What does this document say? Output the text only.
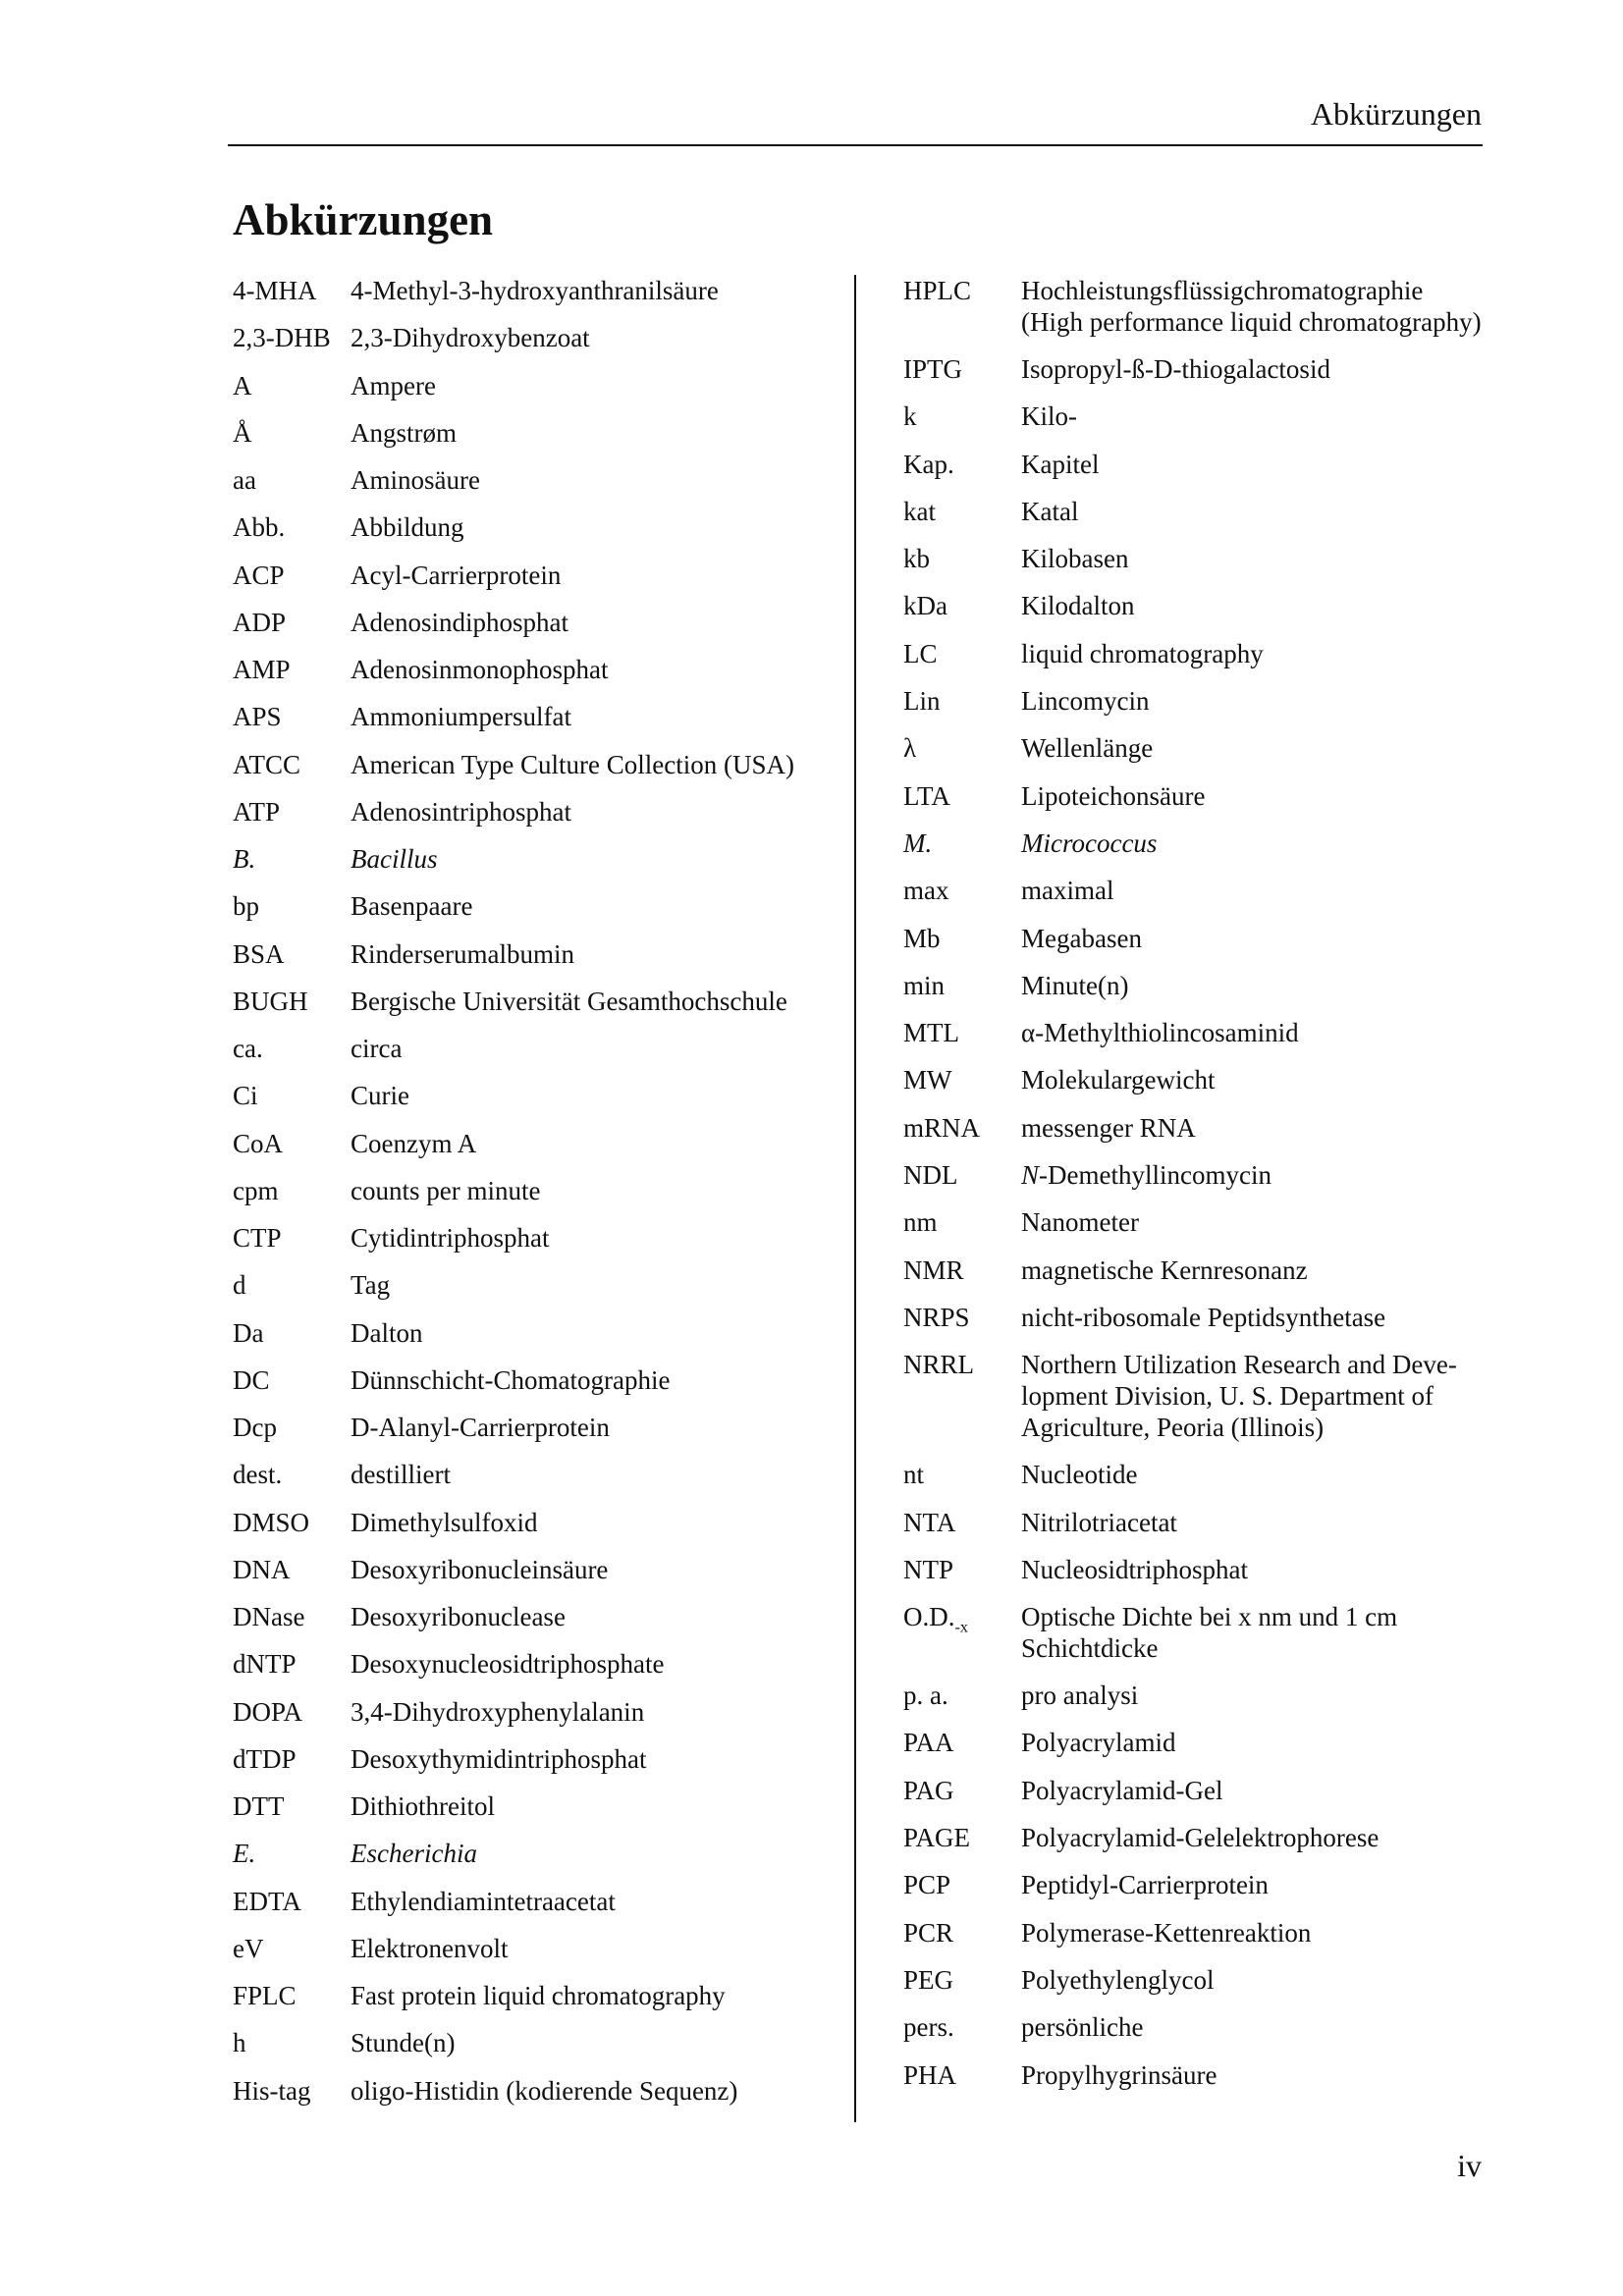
Abkürzungen
Abkürzungen
4-MHA	4-Methyl-3-hydroxyanthranilsäure
2,3-DHB 2,3-Dihydroxybenzoat
A	Ampere
Å	Angstrøm
aa	Aminosäure
Abb.	Abbildung
ACP	Acyl-Carrierprotein
ADP	Adenosindiphosphat
AMP	Adenosinmonophosphat
APS	Ammoniumpersulfat
ATCC	American Type Culture Collection (USA)
ATP	Adenosintriphosphat
B.	Bacillus
bp	Basenpaare
BSA	Rinderserumalbumin
BUGH	Bergische Universität Gesamthochschule
ca.	circa
Ci	Curie
CoA	Coenzym A
cpm	counts per minute
CTP	Cytidintriphosphat
d	Tag
Da	Dalton
DC	Dünnschicht-Chomatographie
Dcp	D-Alanyl-Carrierprotein
dest.	destilliert
DMSO	Dimethylsulfoxid
DNA	Desoxyribonucleinsäure
DNase	Desoxyribonuclease
dNTP	Desoxynucleosidtriphosphate
DOPA	3,4-Dihydroxyphenylalanin
dTDP	Desoxythymidintriphosphat
DTT	Dithiothreitol
E.	Escherichia
EDTA	Ethylendiamintetraacetat
eV	Elektronenvolt
FPLC	Fast protein liquid chromatography
h	Stunde(n)
His-tag	oligo-Histidin (kodierende Sequenz)
HPLC	Hochleistungsflüssigchromatographie
(High performance liquid chromatography)
IPTG	Isopropyl-ß-D-thiogalactosid
k	Kilo-
Kap.	Kapitel
kat	Katal
kb	Kilobasen
kDa	Kilodalton
LC	liquid chromatography
Lin	Lincomycin
λ	Wellenlänge
LTA	Lipoteichonsäure
M.	Micrococcus
max	maximal
Mb	Megabasen
min	Minute(n)
MTL	α-Methylthiolincosaminid
MW	Molekulargewicht
mRNA	messenger RNA
NDL	N-Demethyllincomycin
nm	Nanometer
NMR	magnetische Kernresonanz
NRPS	nicht-ribosomale Peptidsynthetase
NRRL	Northern Utilization Research and Deve-
lopment Division, U. S. Department of
Agriculture, Peoria (Illinois)
nt	Nucleotide
NTA	Nitrilotriacetat
NTP	Nucleosidtriphosphat
$O.D._{-x}$	Optische Dichte bei x nm und 1 cm
Schichtdicke
p. a.	pro analysi
PAA	Polyacrylamid
PAG	Polyacrylamid-Gel
PAGE	Polyacrylamid-Gelelektrophorese
PCP	Peptidyl-Carrierprotein
PCR	Polymerase-Kettenreaktion
PEG	Polyethylenglycol
pers.	persönliche
PHA	Propylhygrinsäure
iv
